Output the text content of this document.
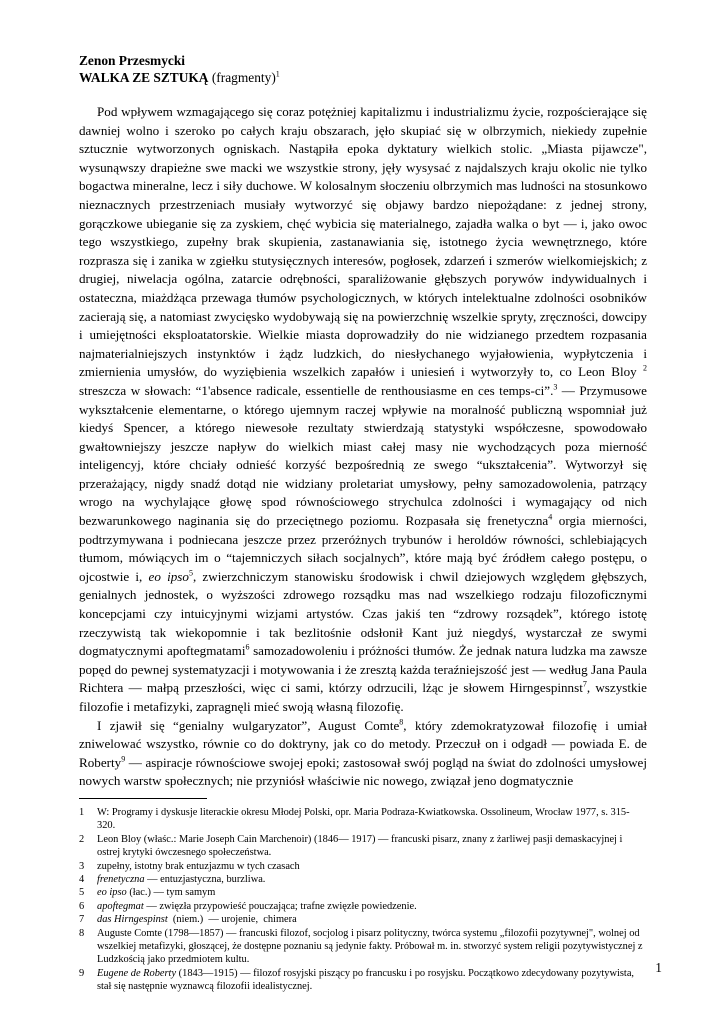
Zenon Przesmycki

WALKA ZE SZTUKĄ (fragmenty)$^1$

Pod wpływem wzmagającego się coraz potężniej kapitalizmu i industrializmu życie, rozpościerające się dawniej wolno i szeroko po całych kraju obszarach, jęło skupiać się w olbrzymich, niekiedy zupełnie sztucznie wytworzonych ogniskach. Nastąpiła epoka dyktatury wielkich stolic. „Miasta pijawcze", wysunąwszy drapieżne swe macki we wszystkie strony, jęły wysysać z najdalszych kraju okolic nie tylko bogactwa mineralne, lecz i siły duchowe. W kolosalnym słoczeniu olbrzymich mas ludności na stosunkowo nieznacznych przestrzeniach musiały wytworzyć się objawy bardzo niepożądane: z jednej strony, gorączkowe ubieganie się za zyskiem, chęć wybicia się materialnego, zajadła walka o byt — i, jako owoc tego wszystkiego, zupełny brak skupienia, zastanawiania się, istotnego życia wewnętrznego, które rozprasza się i zanika w zgiełku stutysięcznych interesów, pogłosek, zdarzeń i szmerów wielkomiejskich; z drugiej, niwelacja ogólna, zatarcie odrębności, sparaliżowanie głębszych porywów indywidualnych i ostateczna, miażdżąca przewaga tłumów psychologicznych, w których intelektualne zdolności osobników zacierają się, a natomiast zwycięsko wydobywają się na powierzchnię wszelkie spryty, zręczności, dowcipy i umiejętności eksploatatorskie. Wielkie miasta doprowadziły do nie widzianego przedtem rozpasania najmaterialniejszych instynktów i żądz ludzkich, do niesłychanego wyjałowienia, wypłytczenia i zmiernienia umysłów, do wyziębienia wszelkich zapałów i uniesień i wytworzyły to, co Leon Bloy $^2$ streszcza w słowach: “1'absence radicale, essentielle de renthousiasme en ces temps-ci”.$^3$ — Przymusowe wykształcenie elementarne, o którego ujemnym raczej wpływie na moralność publiczną wspomniał już kiedyś Spencer, a którego niewesołe rezultaty stwierdzają statystyki współczesne, spowodowało gwałtowniejszy jeszcze napływ do wielkich miast całej masy nie wychodzących poza mierność inteligencyj, które chciały odnieść korzyść bezpośrednią ze swego “ukształcenia”. Wytworzył się przerażający, nigdy snadź dotąd nie widziany proletariat umysłowy, pełny samozadowolenia, patrzący wrogo na wychylające głowę spod równościowego strychulca zdolności i wymagający od nich bezwarunkowego naginania się do przeciętnego poziomu. Rozpasała się frenetyczna$^4$ orgia mierności, podtrzymywana i podniecana jeszcze przez przeróżnych trybunów i heroldów równości, schlebiających tłumom, mówiących im o “tajemniczych siłach socjalnych”, które mają być źródłem całego postępu, o ojcostwie i, eo ipso$^5$, zwierzchniczym stanowisku środowisk i chwil dziejowych względem głębszych, genialnych jednostek, o wyższości zdrowego rozsądku mas nad wszelkiego rodzaju filozoficznymi koncepcjami czy intuicyjnymi wizjami artystów. Czas jakiś ten “zdrowy rozsądek”, którego istotę rzeczywistą tak wiekopomnie i tak bezlitośnie odsłonił Kant już niegdyś, wystarczał ze swymi dogmatycznymi apoftegmatami$^6$ samozadowoleniu i próżności tłumów. Że jednak natura ludzka ma zawsze popęd do pewnej systematyzacji i motywowania i że zresztą każda teraźniejszość jest — według Jana Paula Richtera — małpą przeszłości, więc ci sami, którzy odrzucili, lżąc je słowem Hirngespinnst$^7$, wszystkie filozofie i metafizyki, zapragnęli mieć swoją własną filozofię.

I zjawił się “genialny wulgaryzator”, August Comte$^8$, który zdemokratyzował filozofię i umiał zniwelować wszystko, równie co do doktryny, jak co do metody. Przeczuł on i odgadł — powiada E. de Roberty$^9$ — aspiracje równościowe swojej epoki; zastosował swój pogląd na świat do zdolności umysłowej nowych warstw społecznych; nie przyniósł właściwie nic nowego, związał jeno dogmatycznie

1	W: Programy i dyskusje literackie okresu Młodej Polski, opr. Maria Podraza-Kwiatkowska. Ossolineum, Wrocław 1977, s. 315-320.
2	Leon Bloy (właśc.: Marie Joseph Cain Marchenoir) (1846— 1917) — francuski pisarz, znany z żarliwej pasji demaskacyjnej i ostrej krytyki ówczesnego społeczeństwa.
3	zupełny, istotny brak entuzjazmu w tych czasach
4	frenetyczna — entuzjastyczna, burzliwa.
5	eo ipso (łac.) — tym samym
6	apoftegmat — zwięzła przypowieść pouczająca; trafne zwięzłe powiedzenie.
7	das Hirngespinst  (niem.)  — urojenie,  chimera
8	Auguste Comte (1798—1857) — francuski filozof, socjolog i pisarz polityczny, twórca systemu „filozofii pozytywnej", wolnej od wszelkiej metafizyki, głoszącej, że dostępne poznaniu są jedynie fakty. Próbował m. in. stworzyć system religii pozytywistycznej z Ludzkością jako przedmiotem kultu.
9	Eugene de Roberty (1843—1915) — filozof rosyjski piszący po francusku i po rosyjsku. Początkowo zdecydowany pozytywista, stał się następnie wyznawcą filozofii idealistycznej.
1
